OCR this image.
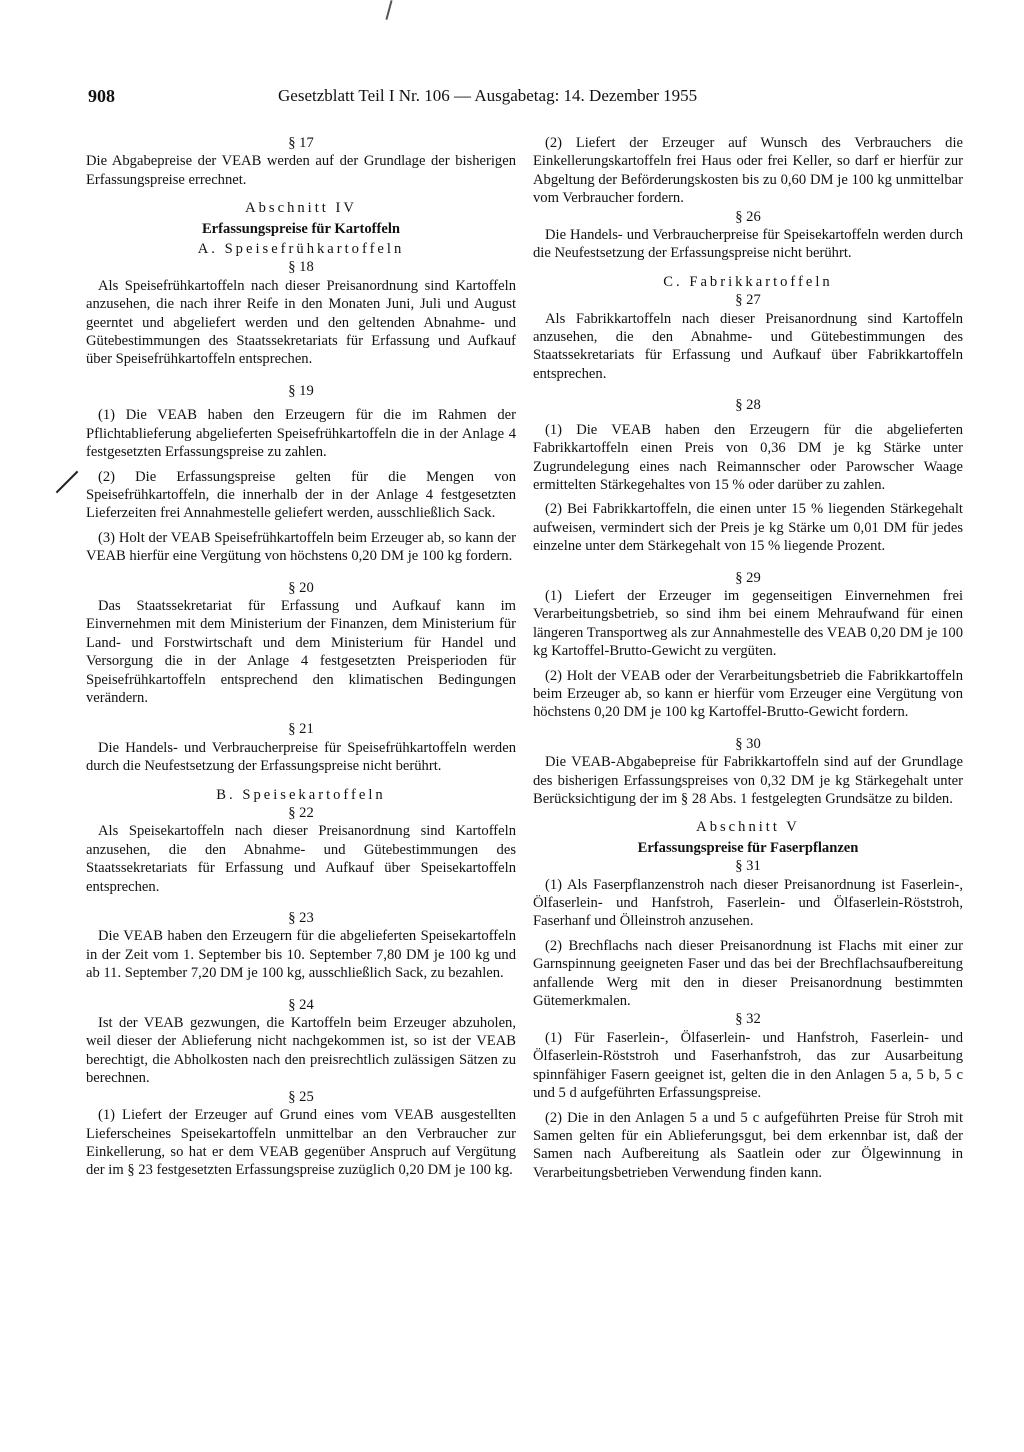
908	Gesetzblatt Teil I Nr. 106 — Ausgabetag: 14. Dezember 1955

§ 17

Die Abgabepreise der VEAB werden auf der Grundlage der bisherigen Erfassungspreise errechnet.

Abschnitt IV

Erfassungspreise für Kartoffeln

A. Speisefrühkartoffeln

§ 18

Als Speisefrühkartoffeln nach dieser Preisanordnung sind Kartoffeln anzusehen, die nach ihrer Reife in den Monaten Juni, Juli und August geerntet und abgeliefert werden und den geltenden Abnahme- und Gütebestimmungen des Staatssekretariats für Erfassung und Aufkauf über Speisefrühkartoffeln entsprechen.

§ 19

(1) Die VEAB haben den Erzeugern für die im Rahmen der Pflichtablieferung abgelieferten Speisefrühkartoffeln die in der Anlage 4 festgesetzten Erfassungspreise zu zahlen.

(2) Die Erfassungspreise gelten für die Mengen von Speisefrühkartoffeln, die innerhalb der in der Anlage 4 festgesetzten Lieferzeiten frei Annahmestelle geliefert werden, ausschließlich Sack.

(3) Holt der VEAB Speisefrühkartoffeln beim Erzeuger ab, so kann der VEAB hierfür eine Vergütung von höchstens 0,20 DM je 100 kg fordern.

§ 20

Das Staatssekretariat für Erfassung und Aufkauf kann im Einvernehmen mit dem Ministerium der Finanzen, dem Ministerium für Land- und Forstwirtschaft und dem Ministerium für Handel und Versorgung die in der Anlage 4 festgesetzten Preisperioden für Speisefrühkartoffeln entsprechend den klimatischen Bedingungen verändern.

§ 21

Die Handels- und Verbraucherpreise für Speisefrühkartoffeln werden durch die Neufestsetzung der Erfassungspreise nicht berührt.

B. Speisekartoffeln

§ 22

Als Speisekartoffeln nach dieser Preisanordnung sind Kartoffeln anzusehen, die den Abnahme- und Gütebestimmungen des Staatssekretariats für Erfassung und Aufkauf über Speisekartoffeln entsprechen.

§ 23

Die VEAB haben den Erzeugern für die abgelieferten Speisekartoffeln in der Zeit vom 1. September bis 10. September 7,80 DM je 100 kg und ab 11. September 7,20 DM je 100 kg, ausschließlich Sack, zu bezahlen.

§ 24

Ist der VEAB gezwungen, die Kartoffeln beim Erzeuger abzuholen, weil dieser der Ablieferung nicht nachgekommen ist, so ist der VEAB berechtigt, die Abholkosten nach den preisrechtlich zulässigen Sätzen zu berechnen.

§ 25

(1) Liefert der Erzeuger auf Grund eines vom VEAB ausgestellten Lieferscheines Speisekartoffeln unmittelbar an den Verbraucher zur Einkellerung, so hat er dem VEAB gegenüber Anspruch auf Vergütung der im § 23 festgesetzten Erfassungspreise zuzüglich 0,20 DM je 100 kg.

(2) Liefert der Erzeuger auf Wunsch des Verbrauchers die Einkellerungskartoffeln frei Haus oder frei Keller, so darf er hierfür zur Abgeltung der Beförderungskosten bis zu 0,60 DM je 100 kg unmittelbar vom Verbraucher fordern.

§ 26

Die Handels- und Verbraucherpreise für Speisekartoffeln werden durch die Neufestsetzung der Erfassungspreise nicht berührt.

C. Fabrikkartoffeln

§ 27

Als Fabrikkartoffeln nach dieser Preisanordnung sind Kartoffeln anzusehen, die den Abnahme- und Gütebestimmungen des Staatssekretariats für Erfassung und Aufkauf über Fabrikkartoffeln entsprechen.

§ 28

(1) Die VEAB haben den Erzeugern für die abgelieferten Fabrikkartoffeln einen Preis von 0,36 DM je kg Stärke unter Zugrundelegung eines nach Reimannscher oder Parowscher Waage ermittelten Stärkegehaltes von 15 % oder darüber zu zahlen.

(2) Bei Fabrikkartoffeln, die einen unter 15 % liegenden Stärkegehalt aufweisen, vermindert sich der Preis je kg Stärke um 0,01 DM für jedes einzelne unter dem Stärkegehalt von 15 % liegende Prozent.

§ 29

(1) Liefert der Erzeuger im gegenseitigen Einvernehmen frei Verarbeitungsbetrieb, so sind ihm bei einem Mehraufwand für einen längeren Transportweg als zur Annahmestelle des VEAB 0,20 DM je 100 kg Kartoffel-Brutto-Gewicht zu vergüten.

(2) Holt der VEAB oder der Verarbeitungsbetrieb die Fabrikkartoffeln beim Erzeuger ab, so kann er hierfür vom Erzeuger eine Vergütung von höchstens 0,20 DM je 100 kg Kartoffel-Brutto-Gewicht fordern.

§ 30

Die VEAB-Abgabepreise für Fabrikkartoffeln sind auf der Grundlage des bisherigen Erfassungspreises von 0,32 DM je kg Stärkegehalt unter Berücksichtigung der im § 28 Abs. 1 festgelegten Grundsätze zu bilden.

Abschnitt V

Erfassungspreise für Faserpflanzen

§ 31

(1) Als Faserpflanzenstroh nach dieser Preisanordnung ist Faserlein-, Ölfaserlein- und Hanfstroh, Faserlein- und Ölfaserlein-Röststroh, Faserhanf und Ölleinstroh anzusehen.

(2) Brechflachs nach dieser Preisanordnung ist Flachs mit einer zur Garnspinnung geeigneten Faser und das bei der Brechflachsaufbereitung anfallende Werg mit den in dieser Preisanordnung bestimmten Gütemerkmalen.

§ 32

(1) Für Faserlein-, Ölfaserlein- und Hanfstroh, Faserlein- und Ölfaserlein-Röststroh und Faserhanfstroh, das zur Ausarbeitung spinnfähiger Fasern geeignet ist, gelten die in den Anlagen 5 a, 5 b, 5 c und 5 d aufgeführten Erfassungspreise.

(2) Die in den Anlagen 5 a und 5 c aufgeführten Preise für Stroh mit Samen gelten für ein Ablieferungsgut, bei dem erkennbar ist, daß der Samen nach Aufbereitung als Saatlein oder zur Ölgewinnung in Verarbeitungsbetrieben Verwendung finden kann.
